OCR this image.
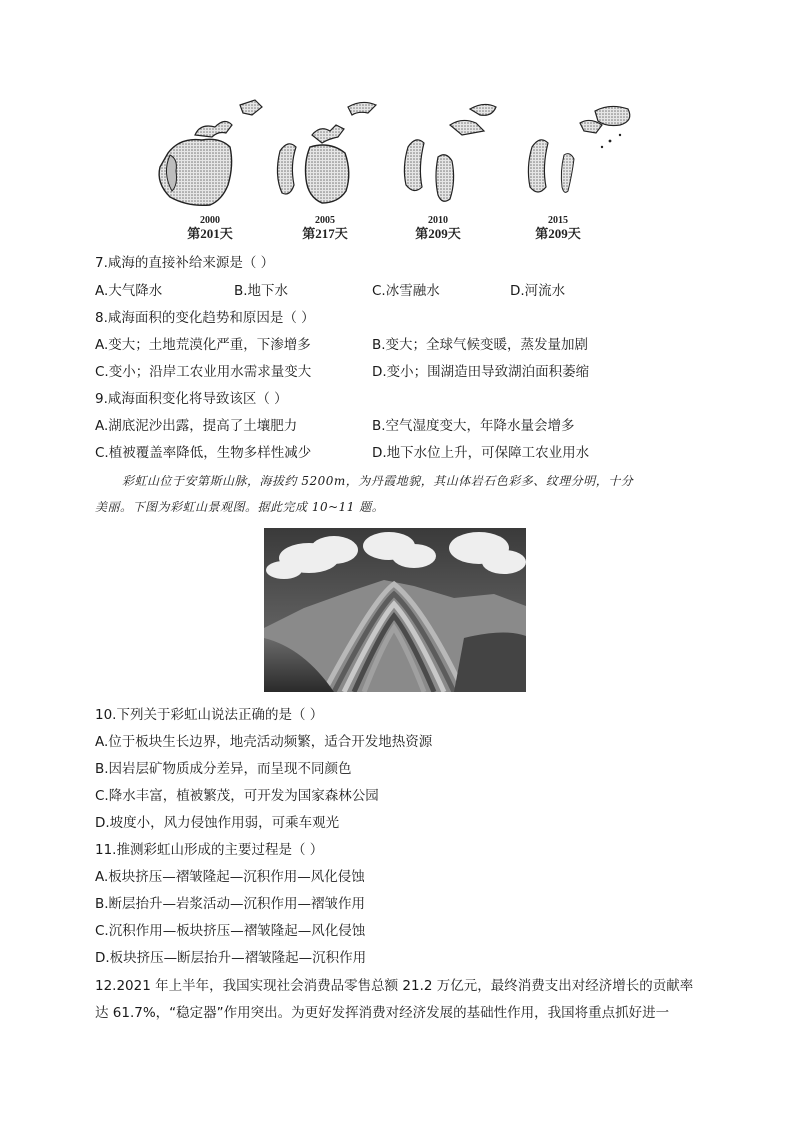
2000
第201天
2005
第217天
2010
第209天
2015
第209天
7.咸海的直接补给来源是（ ）
A.大气降水	B.地下水	C.冰雪融水	D.河流水
8.咸海面积的变化趋势和原因是（ ）
A.变大；土地荒漠化严重，下渗增多	B.变大；全球气候变暖，蒸发量加剧
C.变小；沿岸工农业用水需求量变大	D.变小；围湖造田导致湖泊面积萎缩
9.咸海面积变化将导致该区（ ）
A.湖底泥沙出露，提高了土壤肥力	B.空气湿度变大，年降水量会增多
C.植被覆盖率降低，生物多样性减少	D.地下水位上升，可保障工农业用水
彩虹山位于安第斯山脉，海拔约 5200m，为丹霞地貌，其山体岩石色彩多、纹理分明，十分
美丽。下图为彩虹山景观图。据此完成 10~11 题。
10.下列关于彩虹山说法正确的是（ ）
A.位于板块生长边界，地壳活动频繁，适合开发地热资源
B.因岩层矿物质成分差异，而呈现不同颜色
C.降水丰富，植被繁茂，可开发为国家森林公园
D.坡度小，风力侵蚀作用弱，可乘车观光
11.推测彩虹山形成的主要过程是（ ）
A.板块挤压—褶皱隆起—沉积作用—风化侵蚀
B.断层抬升—岩浆活动—沉积作用—褶皱作用
C.沉积作用—板块挤压—褶皱隆起—风化侵蚀
D.板块挤压—断层抬升—褶皱隆起—沉积作用
12.2021 年上半年，我国实现社会消费品零售总额 21.2 万亿元，最终消费支出对经济增长的贡献率
达 61.7%，“稳定器”作用突出。为更好发挥消费对经济发展的基础性作用，我国将重点抓好进一
